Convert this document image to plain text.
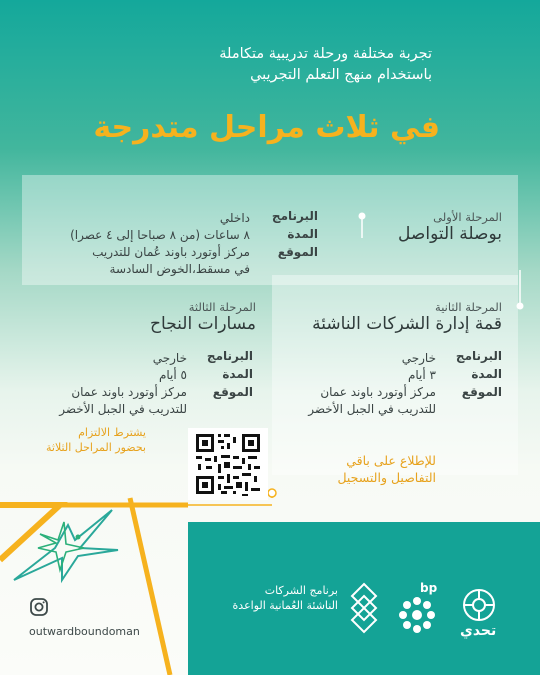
تجربة مختلفة ورحلة تدريبية متكاملة
باستخدام منهج التعلم التجريبي
في ثلاث مراحل متدرجة
المرحلة الأولى
بوصلة التواصل
البرنامج
المدة
الموقع
داخلي
٨ ساعات (من ٨ صباحا إلى ٤ عصرا)
مركز أوتورد باوند عُمان للتدريب
في مسقط،الخوض السادسة
المرحلة الثانية
قمة إدارة الشركات الناشئة
البرنامج
المدة
الموقع
خارجي
٣ أيام
مركز أوتورد باوند عمان
للتدريب في الجبل الأخضر
للإطلاع على باقي
التفاصيل والتسجيل
المرحلة الثالثة
مسارات النجاح
البرنامج
المدة
الموقع
خارجي
٥ أيام
مركز أوتورد باوند عمان
للتدريب في الجبل الأخضر
يشترط الالتزام
بحضور المراحل الثلاثة
outwardboundoman
برنامج الشركات
الناشئة العُمانية الواعدة
bp
تحدي
